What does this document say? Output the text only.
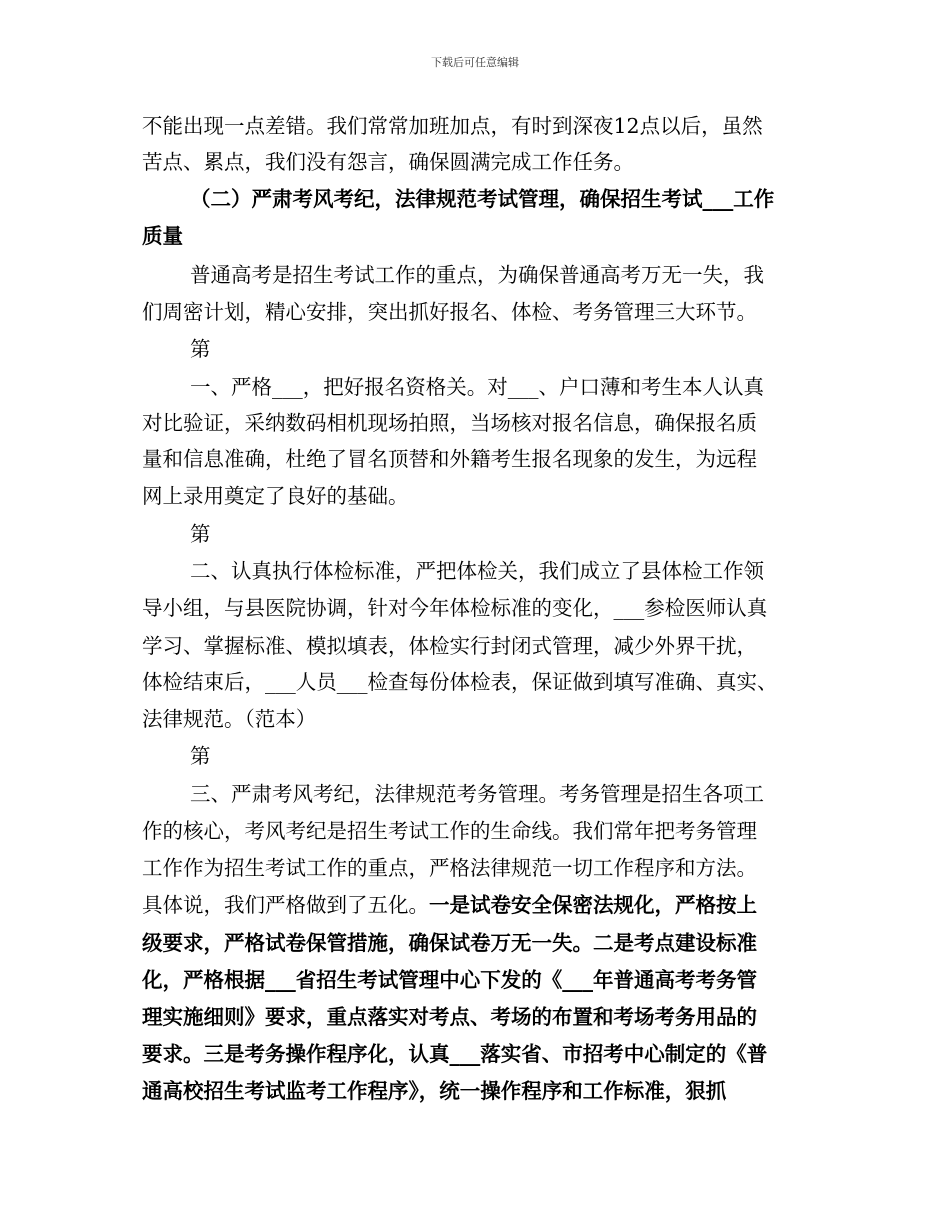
下载后可任意编辑
不能出现一点差错。我们常常加班加点，有时到深夜12点以后，虽然
苦点、累点，我们没有怨言，确保圆满完成工作任务。
（二）严肃考风考纪，法律规范考试管理，确保招生考试___工作
质量
普通高考是招生考试工作的重点，为确保普通高考万无一失，我
们周密计划，精心安排，突出抓好报名、体检、考务管理三大环节。
第
一、严格___，把好报名资格关。对___、户口薄和考生本人认真
对比验证，采纳数码相机现场拍照，当场核对报名信息，确保报名质
量和信息准确，杜绝了冒名顶替和外籍考生报名现象的发生，为远程
网上录用奠定了良好的基础。
第
二、认真执行体检标准，严把体检关，我们成立了县体检工作领
导小组，与县医院协调，针对今年体检标准的变化，___参检医师认真
学习、掌握标准、模拟填表，体检实行封闭式管理，减少外界干扰，
体检结束后，___人员___检查每份体检表，保证做到填写准确、真实、
法律规范。（范本）
第
三、严肃考风考纪，法律规范考务管理。考务管理是招生各项工
作的核心，考风考纪是招生考试工作的生命线。我们常年把考务管理
工作作为招生考试工作的重点，严格法律规范一切工作程序和方法。
具体说，我们严格做到了五化。一是试卷安全保密法规化，严格按上
级要求，严格试卷保管措施，确保试卷万无一失。二是考点建设标准
化，严格根据___省招生考试管理中心下发的《___年普通高考考务管
理实施细则》要求，重点落实对考点、考场的布置和考场考务用品的
要求。三是考务操作程序化，认真___落实省、市招考中心制定的《普
通高校招生考试监考工作程序》，统一操作程序和工作标准，狠抓
